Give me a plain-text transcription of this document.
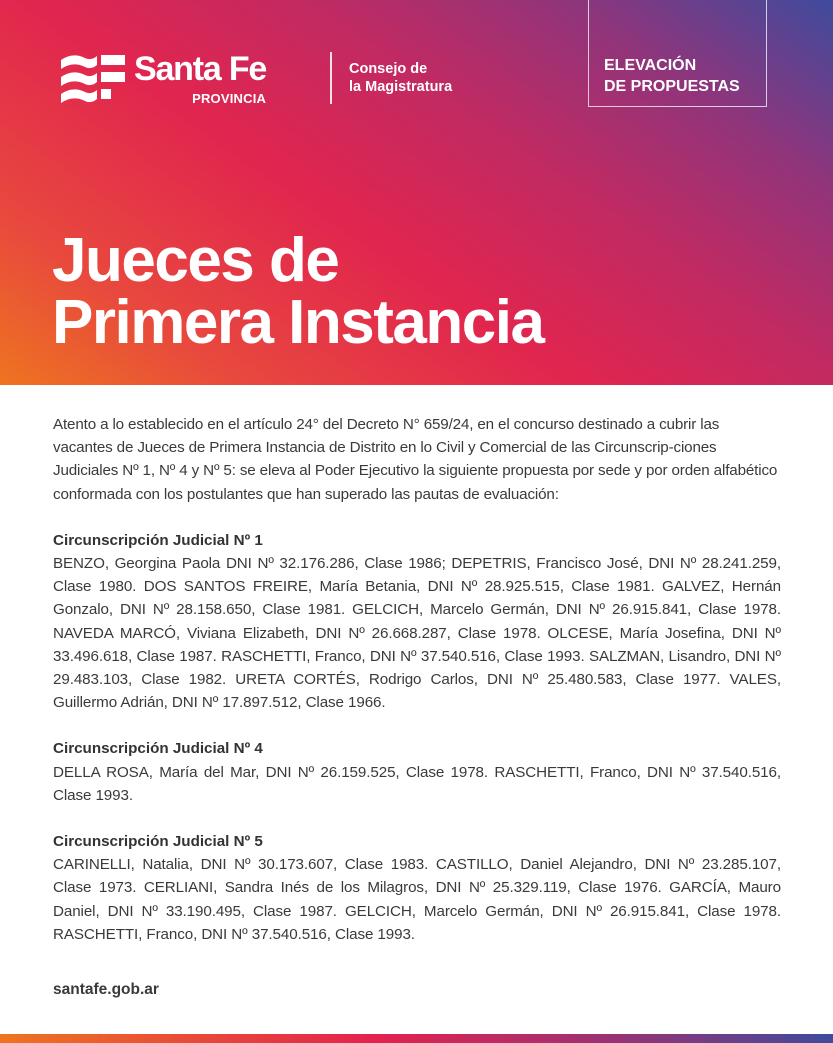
Santa Fe
PROVINCIA
Consejo de
la Magistratura
ELEVACIÓN
DE PROPUESTAS
Jueces de
Primera Instancia

Atento a lo establecido en el artículo 24° del Decreto N° 659/24, en el concurso destinado a cubrir las vacantes de Jueces de Primera Instancia de Distrito en lo Civil y Comercial de las Circunscrip-ciones Judiciales Nº 1, Nº 4 y Nº 5: se eleva al Poder Ejecutivo la siguiente propuesta por sede y por orden alfabético conformada con los postulantes que han superado las pautas de evaluación:

Circunscripción Judicial Nº 1

BENZO, Georgina Paola DNI Nº 32.176.286, Clase 1986; DEPETRIS, Francisco José, DNI Nº 28.241.259, Clase 1980. DOS SANTOS FREIRE, María Betania, DNI Nº 28.925.515, Clase 1981. GALVEZ, Hernán Gonzalo, DNI Nº 28.158.650, Clase 1981. GELCICH, Marcelo Germán, DNI Nº 26.915.841, Clase 1978. NAVEDA MARCÓ, Viviana Elizabeth, DNI Nº 26.668.287, Clase 1978. OLCESE, María Josefina, DNI Nº 33.496.618, Clase 1987. RASCHETTI, Franco, DNI Nº 37.540.516, Clase 1993. SALZMAN, Lisandro, DNI Nº 29.483.103, Clase 1982. URETA CORTÉS, Rodrigo Carlos, DNI Nº 25.480.583, Clase 1977. VALES, Guillermo Adrián, DNI Nº 17.897.512, Clase 1966.

Circunscripción Judicial Nº 4

DELLA ROSA, María del Mar, DNI Nº 26.159.525, Clase 1978. RASCHETTI, Franco, DNI Nº 37.540.516, Clase 1993.

Circunscripción Judicial Nº 5

CARINELLI, Natalia, DNI Nº 30.173.607, Clase 1983. CASTILLO, Daniel Alejandro, DNI Nº 23.285.107, Clase 1973. CERLIANI, Sandra Inés de los Milagros, DNI Nº 25.329.119, Clase 1976. GARCÍA, Mauro Daniel, DNI Nº 33.190.495, Clase 1987. GELCICH, Marcelo Germán, DNI Nº 26.915.841, Clase 1978. RASCHETTI, Franco, DNI Nº 37.540.516, Clase 1993.

santafe.gob.ar
